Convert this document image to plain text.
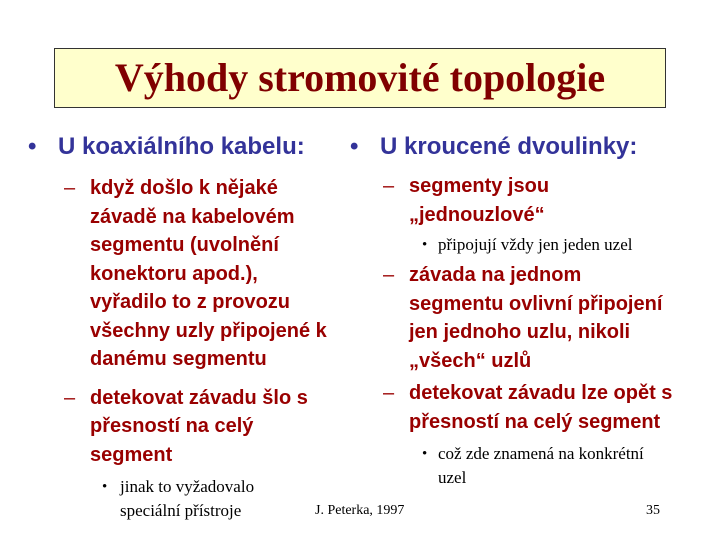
Výhody stromovité topologie
• U koaxiálního kabelu:
– když došlo k nějaké
závadě na kabelovém
segmentu (uvolnění
konektoru apod.),
vyřadilo to z provozu
všechny uzly připojené k
danému segmentu
– detekovat závadu šlo s
přesností na celý
segment
• jinak to vyžadovalo
speciální přístroje
• U kroucené dvoulinky:
– segmenty jsou
„jednouzlové“
• připojují vždy jen jeden uzel
– závada na jednom
segmentu ovlivní připojení
jen jednoho uzlu, nikoli
„všech“ uzlů
– detekovat závadu lze opět s
přesností na celý segment
• což zde znamená na konkrétní
uzel
J. Peterka, 1997	35
